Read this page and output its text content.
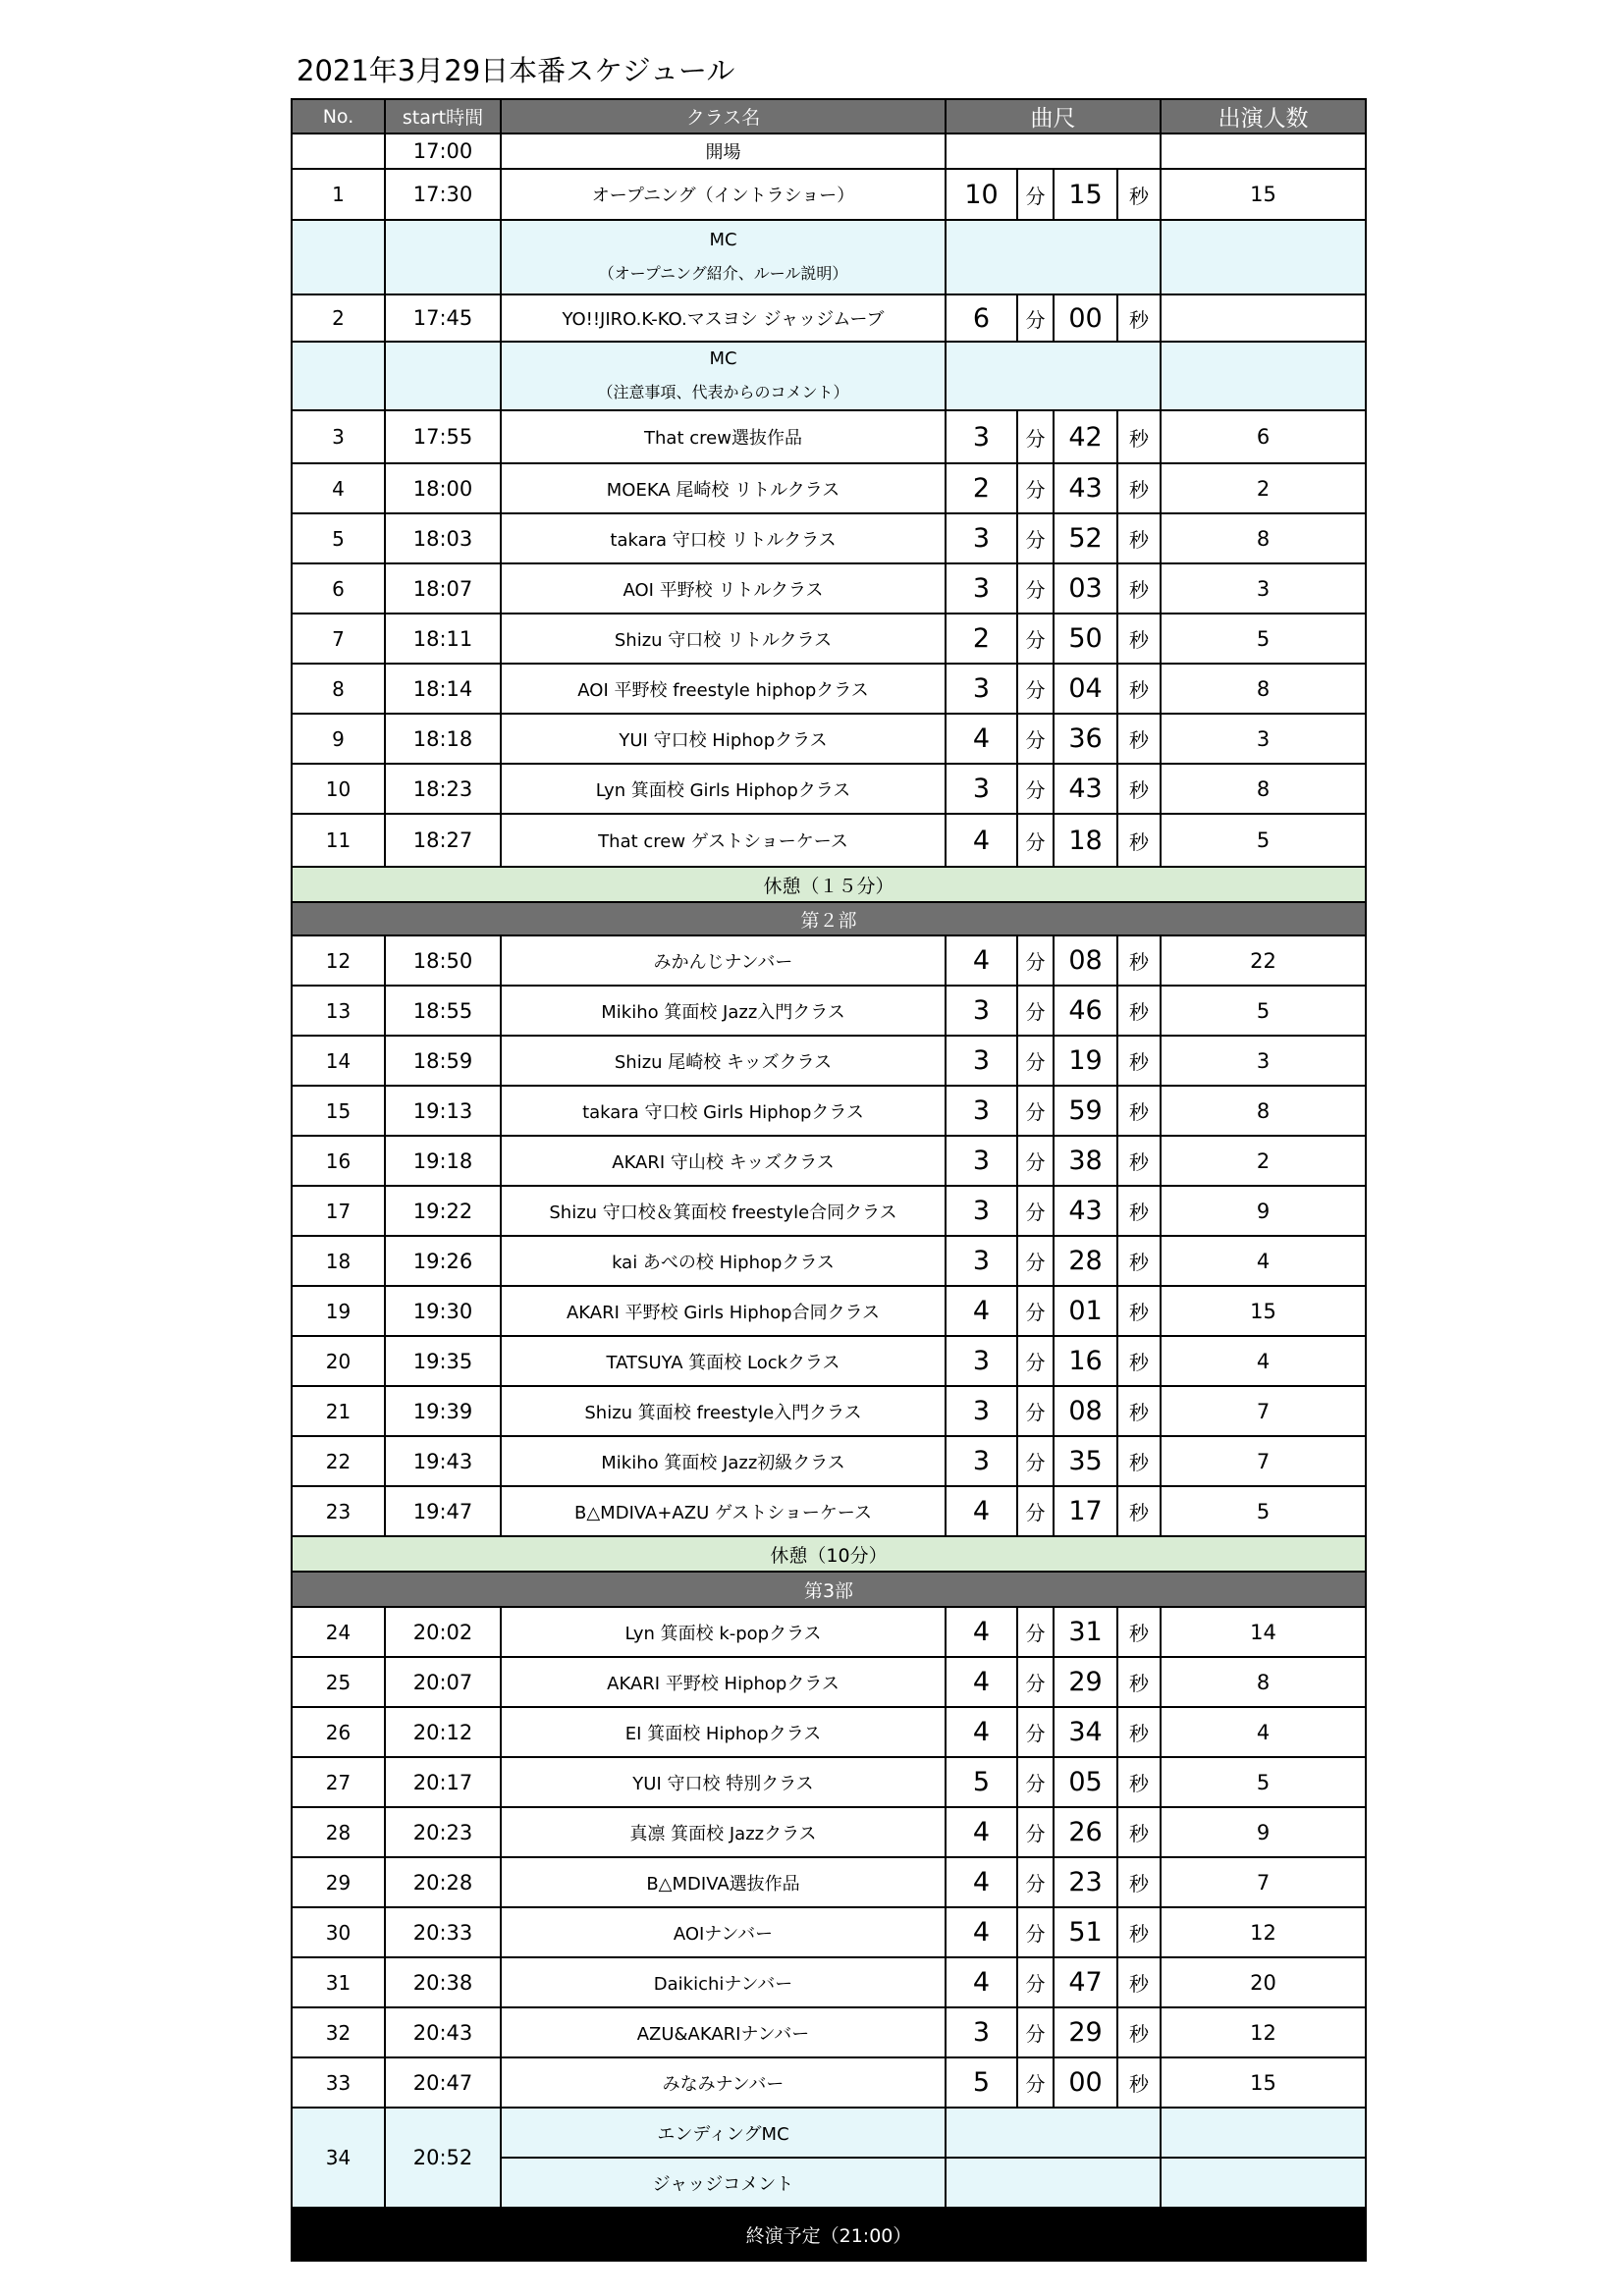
2021年3月29日本番スケジュール
No.	start時間	クラス名	曲尺				出演人数
	17:00	開場					
1	17:30	オープニング（イントラショー）	10	分	15	秒	15
		MC
（オープニング紹介、ルール説明）					
2	17:45	YO!!JIRO.K-KO.マスヨシ ジャッジムーブ	6	分	00	秒	
		MC
（注意事項、代表からのコメント）					
3	17:55	That crew選抜作品	3	分	42	秒	6
4	18:00	MOEKA 尾崎校 リトルクラス	2	分	43	秒	2
5	18:03	takara 守口校 リトルクラス	3	分	52	秒	8
6	18:07	AOI 平野校 リトルクラス	3	分	03	秒	3
7	18:11	Shizu 守口校 リトルクラス	2	分	50	秒	5
8	18:14	AOI 平野校 freestyle hiphopクラス	3	分	04	秒	8
9	18:18	YUI 守口校 Hiphopクラス	4	分	36	秒	3
10	18:23	Lyn 箕面校 Girls Hiphopクラス	3	分	43	秒	8
11	18:27	That crew ゲストショーケース	4	分	18	秒	5
休憩（１５分）							
第２部							
12	18:50	みかんじナンバー	4	分	08	秒	22
13	18:55	Mikiho 箕面校 Jazz入門クラス	3	分	46	秒	5
14	18:59	Shizu 尾崎校 キッズクラス	3	分	19	秒	3
15	19:13	takara 守口校 Girls Hiphopクラス	3	分	59	秒	8
16	19:18	AKARI 守山校 キッズクラス	3	分	38	秒	2
17	19:22	Shizu 守口校＆箕面校 freestyle合同クラス	3	分	43	秒	9
18	19:26	kai あべの校 Hiphopクラス	3	分	28	秒	4
19	19:30	AKARI 平野校 Girls Hiphop合同クラス	4	分	01	秒	15
20	19:35	TATSUYA 箕面校 Lockクラス	3	分	16	秒	4
21	19:39	Shizu 箕面校 freestyle入門クラス	3	分	08	秒	7
22	19:43	Mikiho 箕面校 Jazz初級クラス	3	分	35	秒	7
23	19:47	B△MDIVA+AZU ゲストショーケース	4	分	17	秒	5
休憩（10分）							
第3部							
24	20:02	Lyn 箕面校 k-popクラス	4	分	31	秒	14
25	20:07	AKARI 平野校 Hiphopクラス	4	分	29	秒	8
26	20:12	EI 箕面校 Hiphopクラス	4	分	34	秒	4
27	20:17	YUI 守口校 特別クラス	5	分	05	秒	5
28	20:23	真凛 箕面校 Jazzクラス	4	分	26	秒	9
29	20:28	B△MDIVA選抜作品	4	分	23	秒	7
30	20:33	AOIナンバー	4	分	51	秒	12
31	20:38	Daikichiナンバー	4	分	47	秒	20
32	20:43	AZU&AKARIナンバー	3	分	29	秒	12
33	20:47	みなみナンバー	5	分	00	秒	15
34	20:52	エンディングMC					
		ジャッジコメント					
終演予定（21:00）							
